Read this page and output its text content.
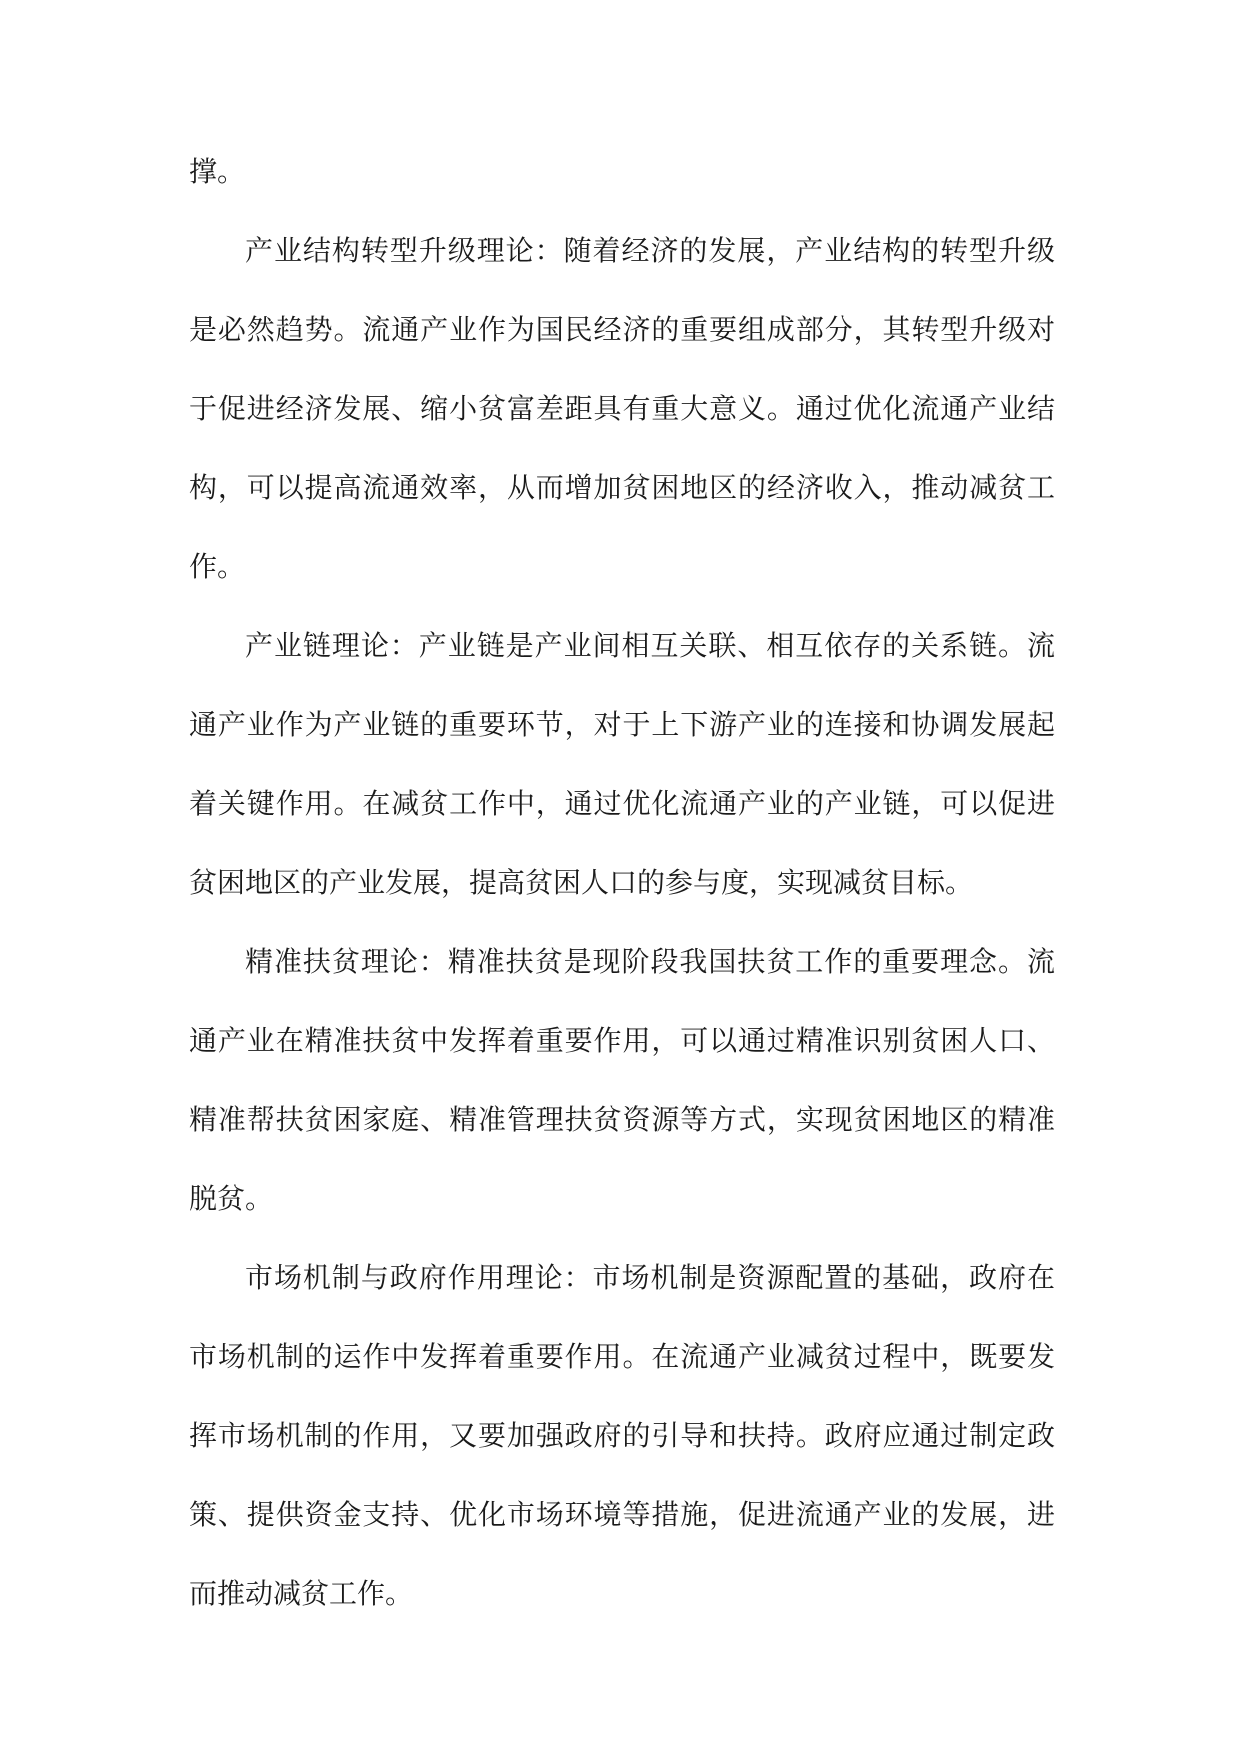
撑。

产业结构转型升级理论：随着经济的发展，产业结构的转型升级是必然趋势。流通产业作为国民经济的重要组成部分，其转型升级对于促进经济发展、缩小贫富差距具有重大意义。通过优化流通产业结构，可以提高流通效率，从而增加贫困地区的经济收入，推动减贫工作。

产业链理论：产业链是产业间相互关联、相互依存的关系链。流通产业作为产业链的重要环节，对于上下游产业的连接和协调发展起着关键作用。在减贫工作中，通过优化流通产业的产业链，可以促进贫困地区的产业发展，提高贫困人口的参与度，实现减贫目标。

精准扶贫理论：精准扶贫是现阶段我国扶贫工作的重要理念。流通产业在精准扶贫中发挥着重要作用，可以通过精准识别贫困人口、精准帮扶贫困家庭、精准管理扶贫资源等方式，实现贫困地区的精准脱贫。

市场机制与政府作用理论：市场机制是资源配置的基础，政府在市场机制的运作中发挥着重要作用。在流通产业减贫过程中，既要发挥市场机制的作用，又要加强政府的引导和扶持。政府应通过制定政策、提供资金支持、优化市场环境等措施，促进流通产业的发展，进而推动减贫工作。
